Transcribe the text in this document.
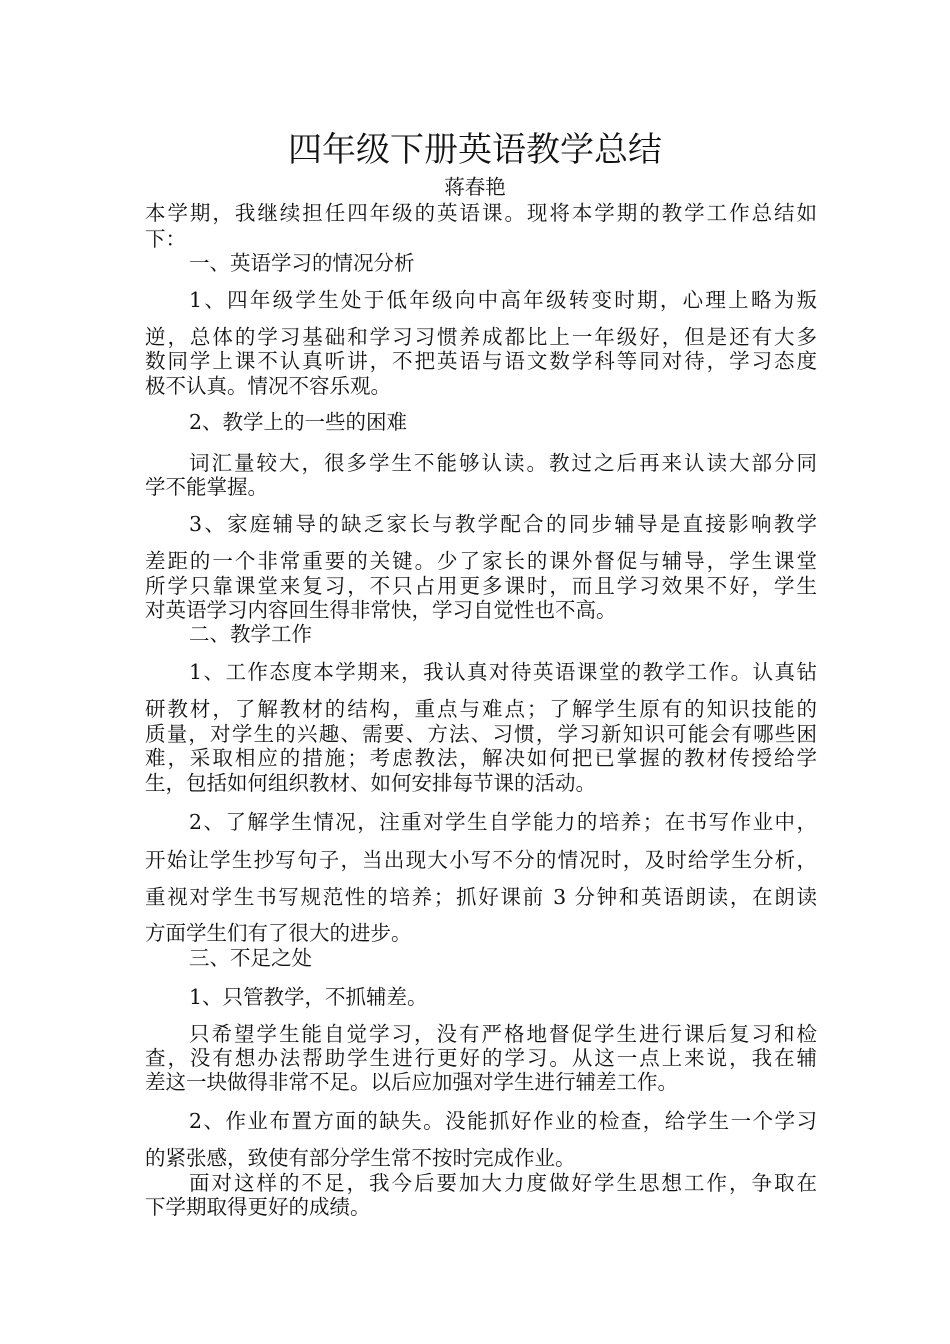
四年级下册英语教学总结
蒋春艳
本学期，我继续担任四年级的英语课。现将本学期的教学工作总结如
下：
一、英语学习的情况分析
1、四年级学生处于低年级向中高年级转变时期，心理上略为叛
逆，总体的学习基础和学习习惯养成都比上一年级好，但是还有大多
数同学上课不认真听讲，不把英语与语文数学科等同对待，学习态度
极不认真。情况不容乐观。
2、教学上的一些的困难
词汇量较大，很多学生不能够认读。教过之后再来认读大部分同
学不能掌握。
3、家庭辅导的缺乏家长与教学配合的同步辅导是直接影响教学
差距的一个非常重要的关键。少了家长的课外督促与辅导，学生课堂
所学只靠课堂来复习，不只占用更多课时，而且学习效果不好，学生
对英语学习内容回生得非常快，学习自觉性也不高。
二、教学工作
1、工作态度本学期来，我认真对待英语课堂的教学工作。认真钻
研教材，了解教材的结构，重点与难点；了解学生原有的知识技能的
质量，对学生的兴趣、需要、方法、习惯，学习新知识可能会有哪些困
难，采取相应的措施；考虑教法，解决如何把已掌握的教材传授给学
生，包括如何组织教材、如何安排每节课的活动。
2、了解学生情况，注重对学生自学能力的培养；在书写作业中，
开始让学生抄写句子，当出现大小写不分的情况时，及时给学生分析，
重视对学生书写规范性的培养；抓好课前 3 分钟和英语朗读，在朗读
方面学生们有了很大的进步。
三、不足之处
1、只管教学，不抓辅差。
只希望学生能自觉学习，没有严格地督促学生进行课后复习和检
查，没有想办法帮助学生进行更好的学习。从这一点上来说，我在辅
差这一块做得非常不足。以后应加强对学生进行辅差工作。
2、作业布置方面的缺失。没能抓好作业的检查，给学生一个学习
的紧张感，致使有部分学生常不按时完成作业。
面对这样的不足，我今后要加大力度做好学生思想工作，争取在
下学期取得更好的成绩。
